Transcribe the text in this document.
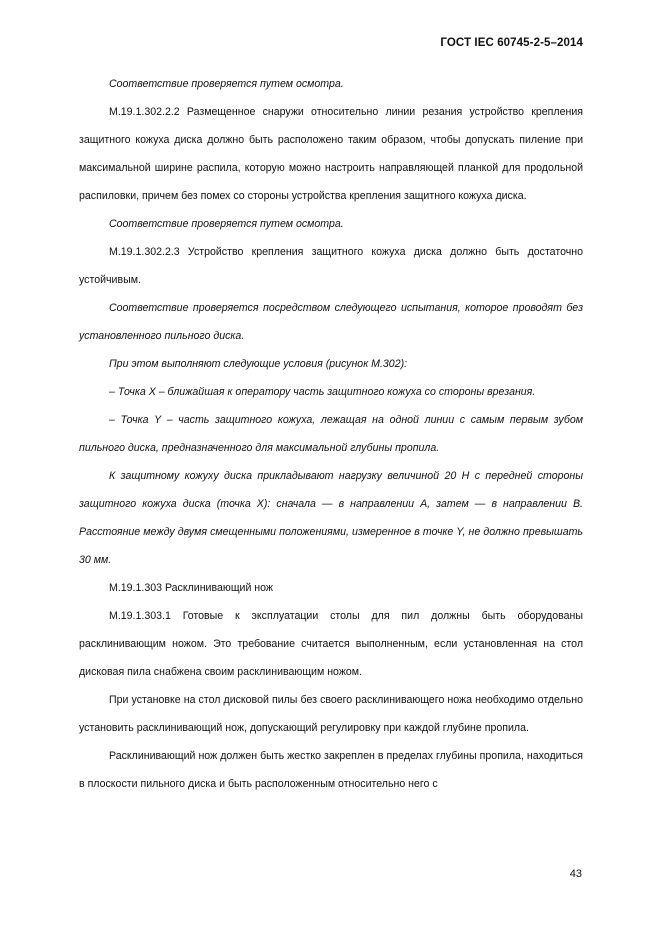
ГОСТ IEC 60745-2-5–2014

Соответствие проверяется путем осмотра.

М.19.1.302.2.2 Размещенное снаружи относительно линии резания устройство крепления защитного кожуха диска должно быть расположено таким образом, чтобы допускать пиление при максимальной ширине распила, которую можно настроить направляющей планкой для продольной распиловки, причем без помех со стороны устройства крепления защитного кожуха диска.

Соответствие проверяется путем осмотра.

М.19.1.302.2.3 Устройство крепления защитного кожуха диска должно быть достаточно устойчивым.

Соответствие проверяется посредством следующего испытания, которое проводят без установленного пильного диска.

При этом выполняют следующие условия (рисунок М.302):

– Точка X – ближайшая к оператору часть защитного кожуха со стороны врезания.

– Точка Y – часть защитного кожуха, лежащая на одной линии с самым первым зубом пильного диска, предназначенного для максимальной глубины пропила.

К защитному кожуху диска прикладывают нагрузку величиной 20 Н с передней стороны защитного кожуха диска (точка X): сначала — в направлении A, затем — в направлении B. Расстояние между двумя смещенными положениями, измеренное в точке Y, не должно превышать 30 мм.

М.19.1.303 Расклинивающий нож

М.19.1.303.1 Готовые к эксплуатации столы для пил должны быть оборудованы расклинивающим ножом. Это требование считается выполненным, если установленная на стол дисковая пила снабжена своим расклинивающим ножом.

При установке на стол дисковой пилы без своего расклинивающего ножа необходимо отдельно установить расклинивающий нож, допускающий регулировку при каждой глубине пропила.

Расклинивающий нож должен быть жестко закреплен в пределах глубины пропила, находиться в плоскости пильного диска и быть расположенным относительно него с

43
